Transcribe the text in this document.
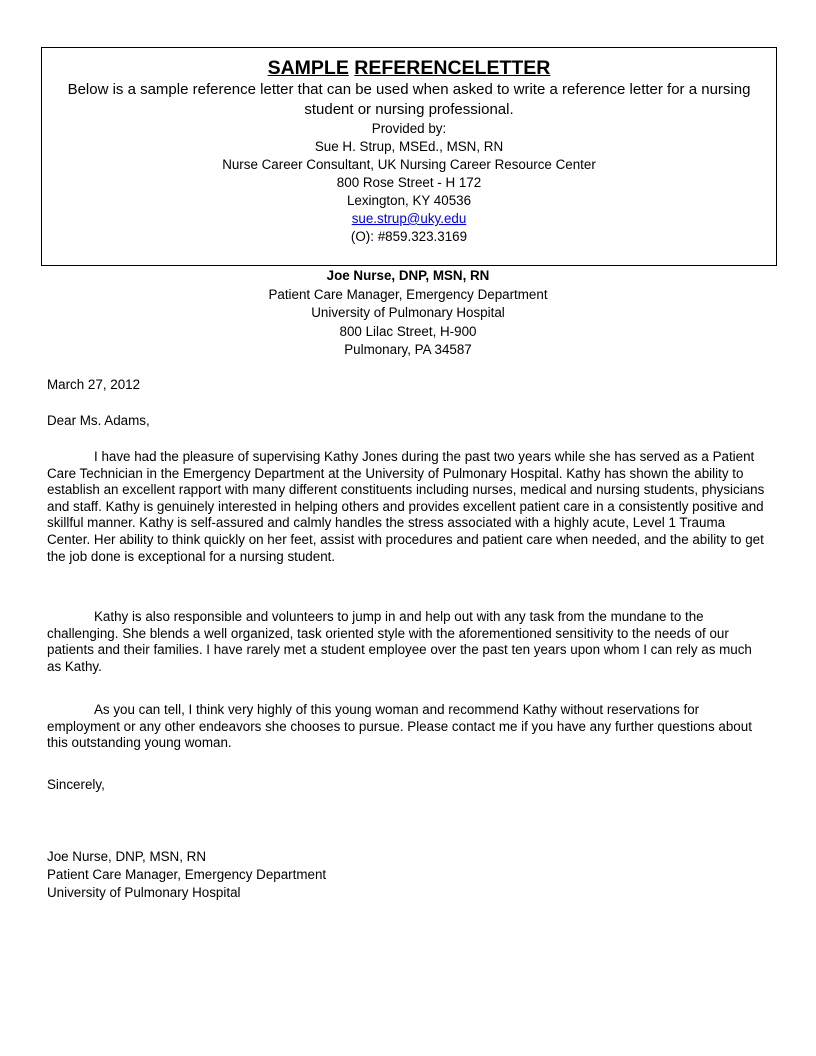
SAMPLE REFERENCELETTER
Below is a sample reference letter that can be used when asked to write a reference letter for a nursing student or nursing professional.
Provided by:
Sue H. Strup, MSEd., MSN, RN
Nurse Career Consultant, UK Nursing Career Resource Center
800 Rose Street - H 172
Lexington, KY 40536
sue.strup@uky.edu
(O): #859.323.3169
Joe Nurse, DNP, MSN, RN
Patient Care Manager, Emergency Department
University of Pulmonary Hospital
800 Lilac Street, H-900
Pulmonary, PA 34587
March 27, 2012
Dear Ms. Adams,

I have had the pleasure of supervising Kathy Jones during the past two years while she has served as a Patient Care Technician in the Emergency Department at the University of Pulmonary Hospital. Kathy has shown the ability to establish an excellent rapport with many different constituents including nurses, medical and nursing students, physicians and staff. Kathy is genuinely interested in helping others and provides excellent patient care in a consistently positive and skillful manner. Kathy is self-assured and calmly handles the stress associated with a highly acute, Level 1 Trauma Center. Her ability to think quickly on her feet, assist with procedures and patient care when needed, and the ability to get the job done is exceptional for a nursing student.

Kathy is also responsible and volunteers to jump in and help out with any task from the mundane to the challenging. She blends a well organized, task oriented style with the aforementioned sensitivity to the needs of our patients and their families. I have rarely met a student employee over the past ten years upon whom I can rely as much as Kathy.

As you can tell, I think very highly of this young woman and recommend Kathy without reservations for employment or any other endeavors she chooses to pursue. Please contact me if you have any further questions about this outstanding young woman.

Sincerely,
Joe Nurse, DNP, MSN, RN
Patient Care Manager, Emergency Department
University of Pulmonary Hospital
